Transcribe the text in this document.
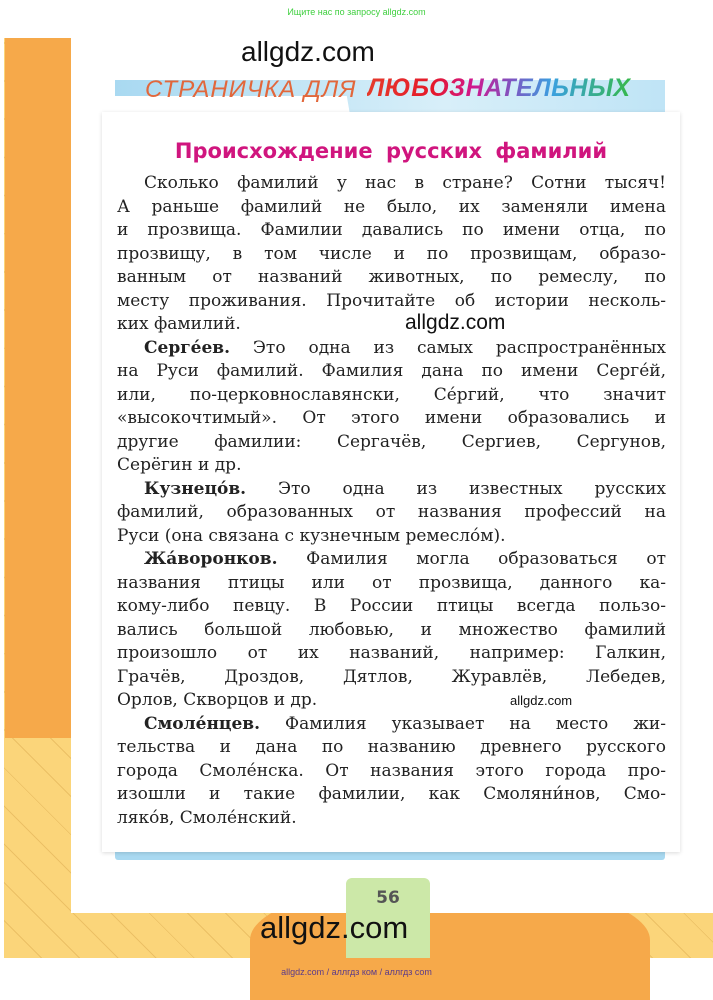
Ищите нас по запросу allgdz.com
СТРАНИЧКА ДЛЯ ЛЮБОЗНАТЕЛЬНЫХ
Происхождение русских фамилий
Сколько фамилий у нас в стране? Сотни тысяч!
А раньше фамилий не было, их заменяли имена
и прозвища. Фамилии давались по имени отца, по
прозвищу, в том числе и по прозвищам, образо-
ванным от названий животных, по ремеслу, по
месту проживания. Прочитайте об истории несколь-
ких фамилий.
Серге́ев. Это одна из самых распространённых
на Руси фамилий. Фамилия дана по имени Серге́й,
или, по-церковнославянски, Се́ргий, что значит
«высокочтимый». От этого имени образовались и
другие фамилии: Сергачёв, Сергиев, Сергунов,
Серёгин и др.
Кузнецо́в. Это одна из известных русских
фамилий, образованных от названия профессий на
Руси (она связана с кузнечным ремесло́м).
Жа́воронков. Фамилия могла образоваться от
названия птицы или от прозвища, данного ка-
кому-либо певцу. В России птицы всегда пользо-
вались большой любовью, и множество фамилий
произошло от их названий, например: Галкин,
Грачёв, Дроздов, Дятлов, Журавлёв, Лебедев,
Орлов, Скворцов и др.
Смоле́нцев. Фамилия указывает на место жи-
тельства и дана по названию древнего русского
города Смоле́нска. От названия этого города про-
изошли и такие фамилии, как Смоляни́нов, Смо-
ляко́в, Смоле́нский.
allgdz.com
allgdz.com
allgdz.com
56
allgdz.com
allgdz.com / аллгдз ком / аллгдз com
